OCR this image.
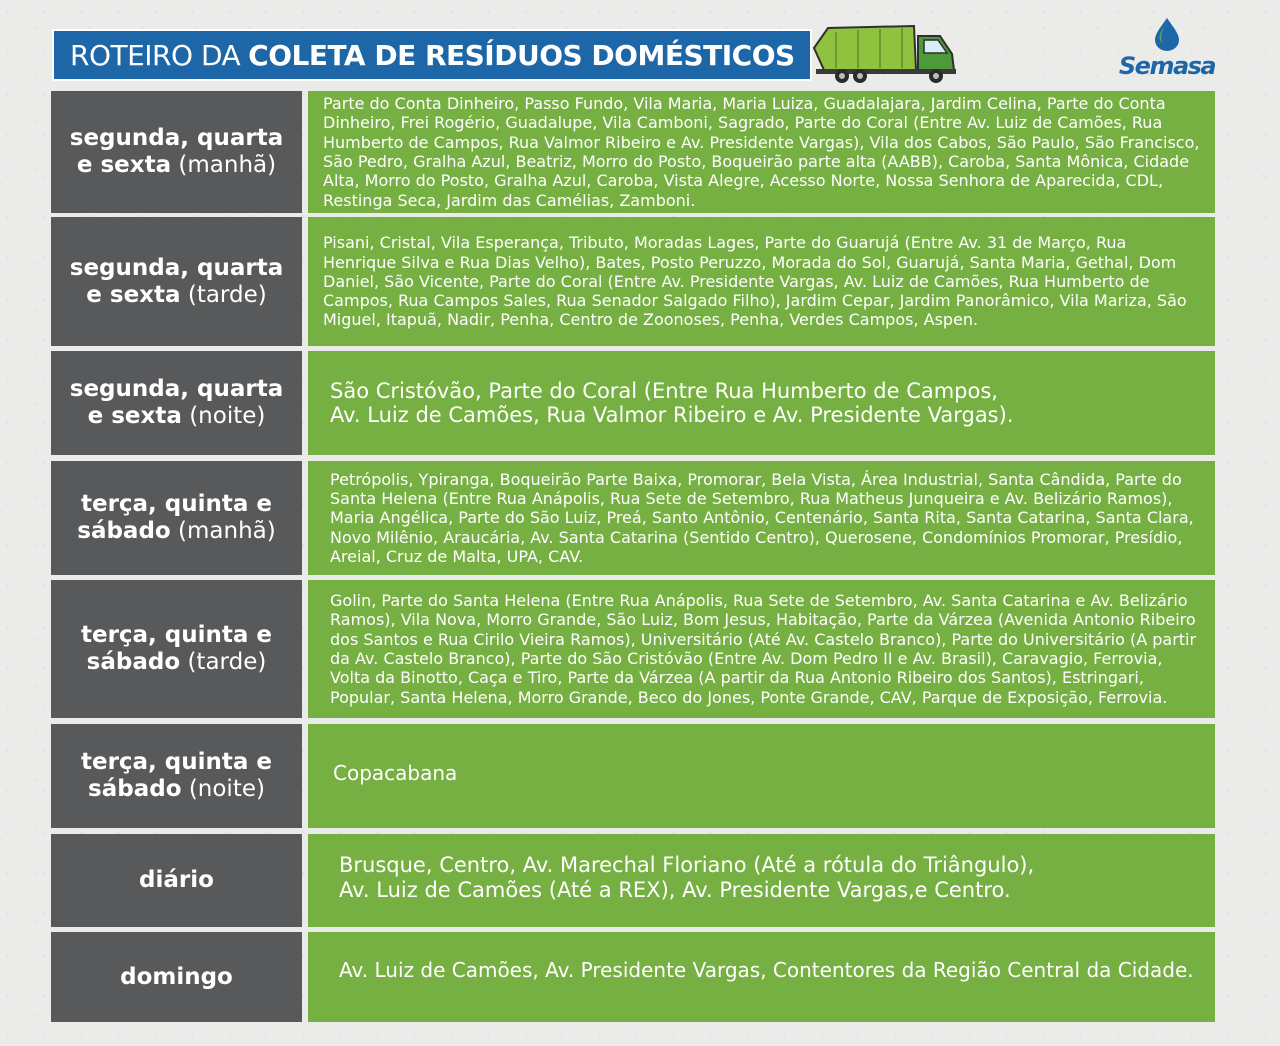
ROTEIRO DA COLETA DE RESÍDUOS DOMÉSTICOS	Semasa
segunda, quarta e sexta (manhã)
Parte do Conta Dinheiro, Passo Fundo, Vila Maria, Maria Luiza, Guadalajara, Jardim Celina, Parte do Conta Dinheiro, Frei Rogério, Guadalupe, Vila Camboni, Sagrado, Parte do Coral (Entre Av. Luiz de Camões, Rua Humberto de Campos, Rua Valmor Ribeiro e Av. Presidente Vargas), Vila dos Cabos, São Paulo, São Francisco, São Pedro, Gralha Azul, Beatriz, Morro do Posto, Boqueirão parte alta (AABB), Caroba, Santa Mônica, Cidade Alta, Morro do Posto, Gralha Azul, Caroba, Vista Alegre, Acesso Norte, Nossa Senhora de Aparecida, CDL, Restinga Seca, Jardim das Camélias, Zamboni.
segunda, quarta e sexta (tarde)
Pisani, Cristal, Vila Esperança, Tributo, Moradas Lages, Parte do Guarujá (Entre Av. 31 de Março, Rua Henrique Silva e Rua Dias Velho), Bates, Posto Peruzzo, Morada do Sol, Guarujá, Santa Maria, Gethal, Dom Daniel, São Vicente, Parte do Coral (Entre Av. Presidente Vargas, Av. Luiz de Camões, Rua Humberto de Campos, Rua Campos Sales, Rua Senador Salgado Filho), Jardim Cepar, Jardim Panorâmico, Vila Mariza, São Miguel, Itapuã, Nadir, Penha, Centro de Zoonoses, Penha, Verdes Campos, Aspen.
segunda, quarta e sexta (noite)
São Cristóvão, Parte do Coral (Entre Rua Humberto de Campos,
Av. Luiz de Camões, Rua Valmor Ribeiro e Av. Presidente Vargas).
terça, quinta e sábado (manhã)
Petrópolis, Ypiranga, Boqueirão Parte Baixa, Promorar, Bela Vista, Área Industrial, Santa Cândida, Parte do Santa Helena (Entre Rua Anápolis, Rua Sete de Setembro, Rua Matheus Junqueira e Av. Belizário Ramos), Maria Angélica, Parte do São Luiz, Preá, Santo Antônio, Centenário, Santa Rita, Santa Catarina, Santa Clara, Novo Milênio, Araucária, Av. Santa Catarina (Sentido Centro), Querosene, Condomínios Promorar, Presídio, Areial, Cruz de Malta, UPA, CAV.
terça, quinta e sábado (tarde)
Golin, Parte do Santa Helena (Entre Rua Anápolis, Rua Sete de Setembro, Av. Santa Catarina e Av. Belizário Ramos), Vila Nova, Morro Grande, São Luiz, Bom Jesus, Habitação, Parte da Várzea (Avenida Antonio Ribeiro dos Santos e Rua Cirilo Vieira Ramos), Universitário (Até Av. Castelo Branco), Parte do Universitário (A partir da Av. Castelo Branco), Parte do São Cristóvão (Entre Av. Dom Pedro II e Av. Brasil), Caravagio, Ferrovia, Volta da Binotto, Caça e Tiro, Parte da Várzea (A partir da Rua Antonio Ribeiro dos Santos), Estringari, Popular, Santa Helena, Morro Grande, Beco do Jones, Ponte Grande, CAV, Parque de Exposição, Ferrovia.
terça, quinta e sábado (noite)
Copacabana
diário
Brusque, Centro, Av. Marechal Floriano (Até a rótula do Triângulo),
Av. Luiz de Camões (Até a REX), Av. Presidente Vargas,e Centro.
domingo	Av. Luiz de Camões, Av. Presidente Vargas, Contentores da Região Central da Cidade.
